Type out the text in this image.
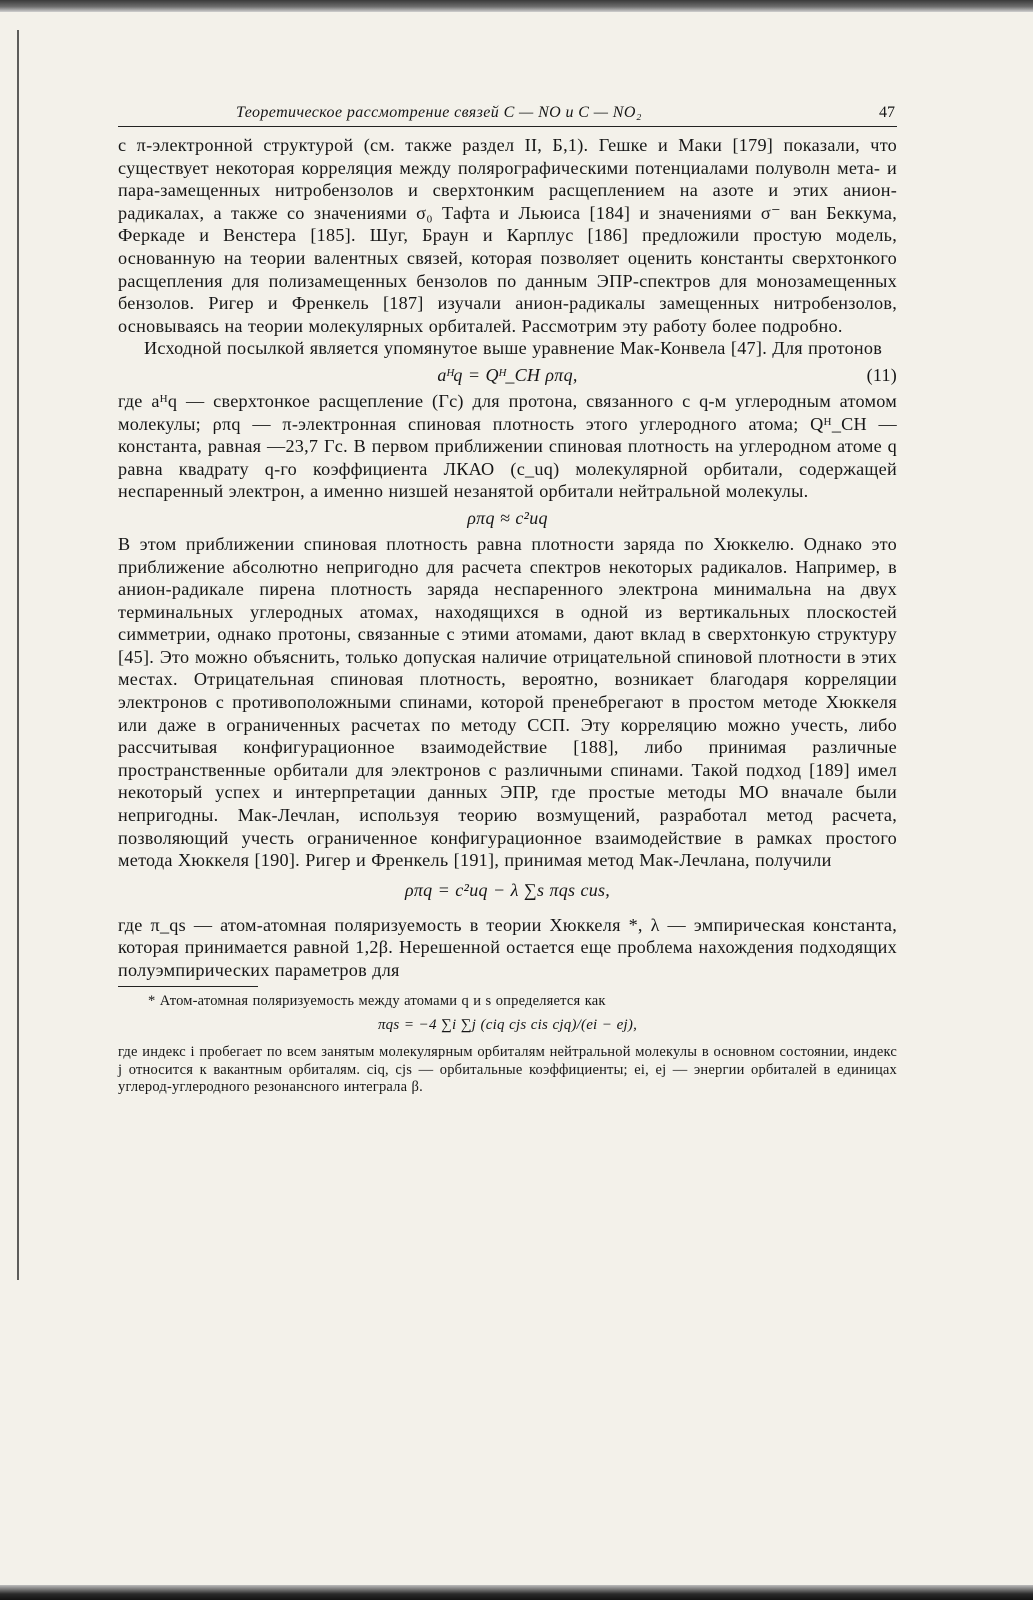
Теоретическое рассмотрение связей C — NO и C — NO₂	47

с π-электронной структурой (см. также раздел II, Б,1). Гешке и Маки [179] показали, что существует некоторая корреляция между полярографическими потенциалами полуволн мета- и пара-замещенных нитробензолов и сверхтонким расщеплением на азоте и этих анион-радикалах, а также со значениями σ₀ Тафта и Льюиса [184] и значениями σ⁻ ван Беккума, Феркаде и Венстера [185]. Шуг, Браун и Карплус [186] предложили простую модель, основанную на теории валентных связей, которая позволяет оценить константы сверхтонкого расщепления для полизамещенных бензолов по данным ЭПР-спектров для монозамещенных бензолов. Ригер и Френкель [187] изучали анион-радикалы замещенных нитробензолов, основываясь на теории молекулярных орбиталей. Рассмотрим эту работу более подробно.

Исходной посылкой является упомянутое выше уравнение Мак-Конвела [47]. Для протонов

aᴴq = Qᴴ_CH ρπq,	(11)

где aᴴq — сверхтонкое расщепление (Гс) для протона, связанного с q-м углеродным атомом молекулы; ρπq — π-электронная спиновая плотность этого углеродного атома; Qᴴ_CH — константа, равная —23,7 Гс. В первом приближении спиновая плотность на углеродном атоме q равна квадрату q-го коэффициента ЛКАО (c_uq) молекулярной орбитали, содержащей неспаренный электрон, а именно низшей незанятой орбитали нейтральной молекулы.

ρπq ≈ c²uq

В этом приближении спиновая плотность равна плотности заряда по Хюккелю. Однако это приближение абсолютно непригодно для расчета спектров некоторых радикалов. Например, в анион-радикале пирена плотность заряда неспаренного электрона минимальна на двух терминальных углеродных атомах, находящихся в одной из вертикальных плоскостей симметрии, однако протоны, связанные с этими атомами, дают вклад в сверхтонкую структуру [45]. Это можно объяснить, только допуская наличие отрицательной спиновой плотности в этих местах. Отрицательная спиновая плотность, вероятно, возникает благодаря корреляции электронов с противоположными спинами, которой пренебрегают в простом методе Хюккеля или даже в ограниченных расчетах по методу ССП. Эту корреляцию можно учесть, либо рассчитывая конфигурационное взаимодействие [188], либо принимая различные пространственные орбитали для электронов с различными спинами. Такой подход [189] имел некоторый успех и интерпретации данных ЭПР, где простые методы МО вначале были непригодны. Мак-Лечлан, используя теорию возмущений, разработал метод расчета, позволяющий учесть ограниченное конфигурационное взаимодействие в рамках простого метода Хюккеля [190]. Ригер и Френкель [191], принимая метод Мак-Лечлана, получили

ρπq = c²uq − λ ∑s πqs cus,

где π_qs — атом-атомная поляризуемость в теории Хюккеля *, λ — эмпирическая константа, которая принимается равной 1,2β. Нерешенной остается еще проблема нахождения подходящих полуэмпирических параметров для

* Атом-атомная поляризуемость между атомами q и s определяется как

πqs = −4 ∑i ∑j (ciq cjs cis cjq)/(ei − ej),

где индекс i пробегает по всем занятым молекулярным орбиталям нейтральной молекулы в основном состоянии, индекс j относится к вакантным орбиталям. ciq, cjs — орбитальные коэффициенты; ei, ej — энергии орбиталей в единицах углерод-углеродного резонансного интеграла β.
